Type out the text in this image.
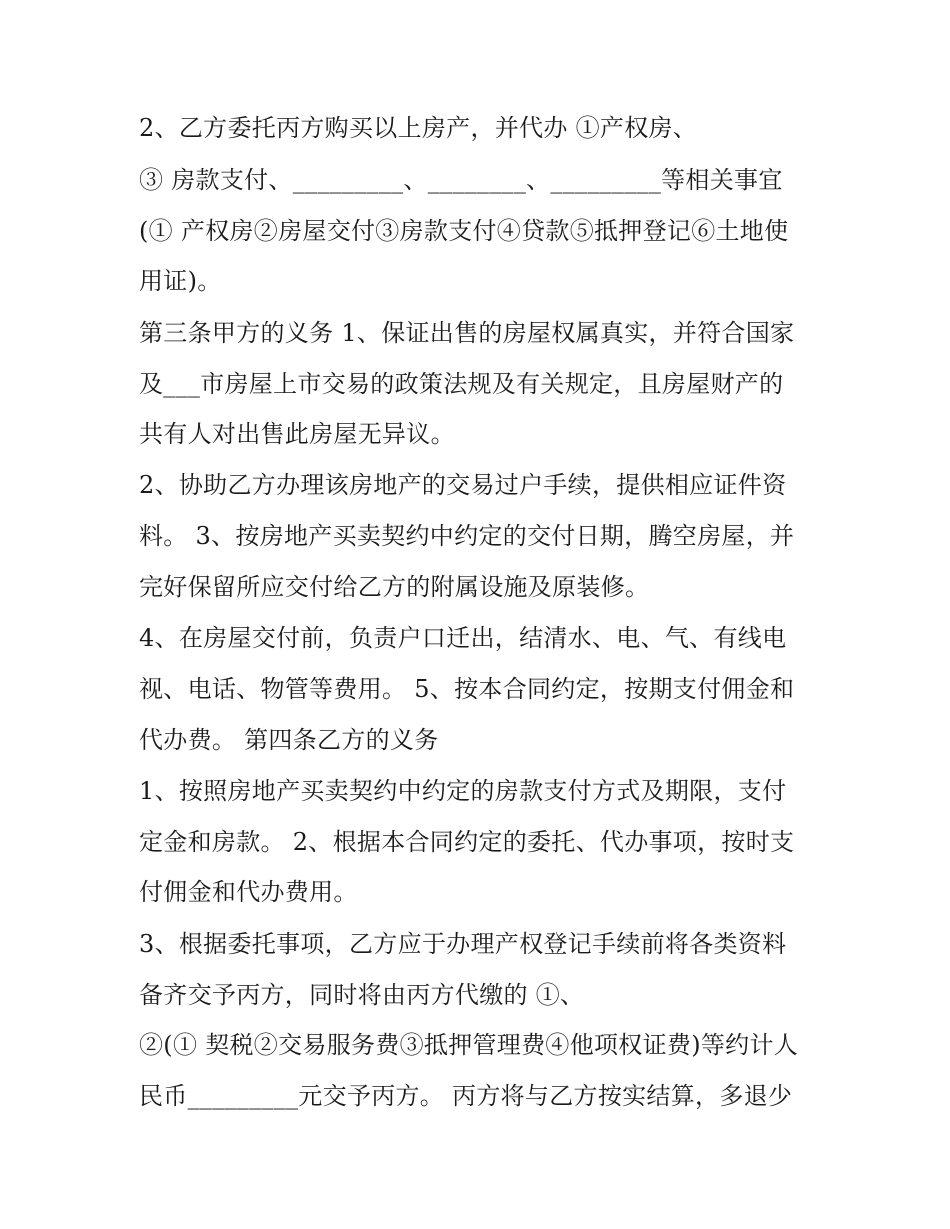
2、乙方委托丙方购买以上房产，并代办 ①产权房、
③ 房款支付、_________、________、_________等相关事宜
(① 产权房②房屋交付③房款支付④贷款⑤抵押登记⑥土地使
用证)。
第三条甲方的义务 1、保证出售的房屋权属真实，并符合国家
及___市房屋上市交易的政策法规及有关规定，且房屋财产的
共有人对出售此房屋无异议。
2、协助乙方办理该房地产的交易过户手续，提供相应证件资
料。 3、按房地产买卖契约中约定的交付日期，腾空房屋，并
完好保留所应交付给乙方的附属设施及原装修。
4、在房屋交付前，负责户口迁出，结清水、电、气、有线电
视、电话、物管等费用。 5、按本合同约定，按期支付佣金和
代办费。 第四条乙方的义务
1、按照房地产买卖契约中约定的房款支付方式及期限，支付
定金和房款。 2、根据本合同约定的委托、代办事项，按时支
付佣金和代办费用。
3、根据委托事项，乙方应于办理产权登记手续前将各类资料
备齐交予丙方，同时将由丙方代缴的 ①、
②(① 契税②交易服务费③抵押管理费④他项权证费)等约计人
民币_________元交予丙方。 丙方将与乙方按实结算，多退少
